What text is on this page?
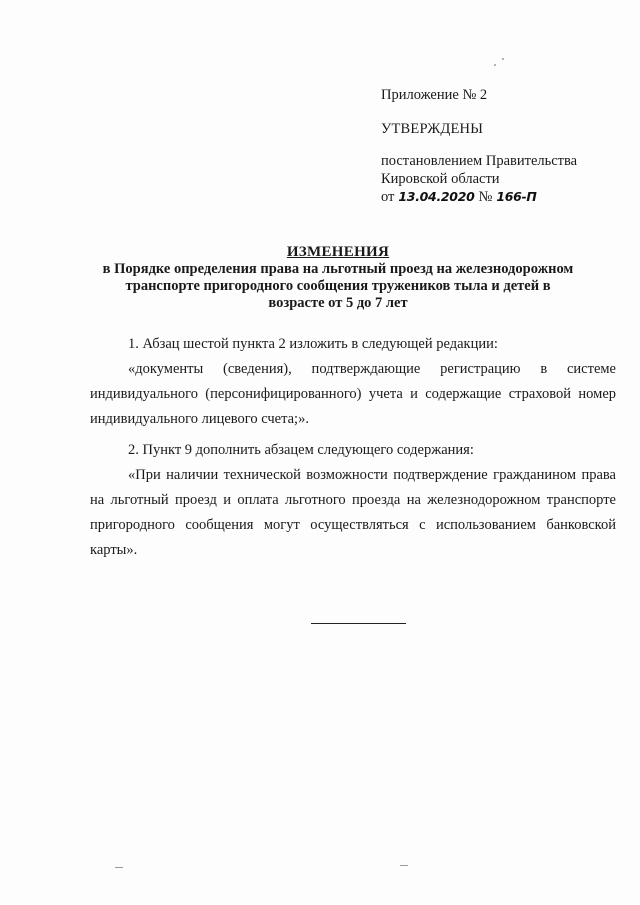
Приложение № 2
УТВЕРЖДЕНЫ
постановлением Правительства
Кировской области
от 13.04.2020 № 166-П
ИЗМЕНЕНИЯ
в Порядке определения права на льготный проезд на железнодорожном
транспорте пригородного сообщения тружеников тыла и детей в
возрасте от 5 до 7 лет

1. Абзац шестой пункта 2 изложить в следующей редакции:

«документы (сведения), подтверждающие регистрацию в системе индивидуального (персонифицированного) учета и содержащие страховой номер индивидуального лицевого счета;».

2. Пункт 9 дополнить абзацем следующего содержания:

«При наличии технической возможности подтверждение гражданином права на льготный проезд и оплата льготного проезда на железнодорожном транспорте пригородного сообщения могут осуществляться с использованием банковской карты».
